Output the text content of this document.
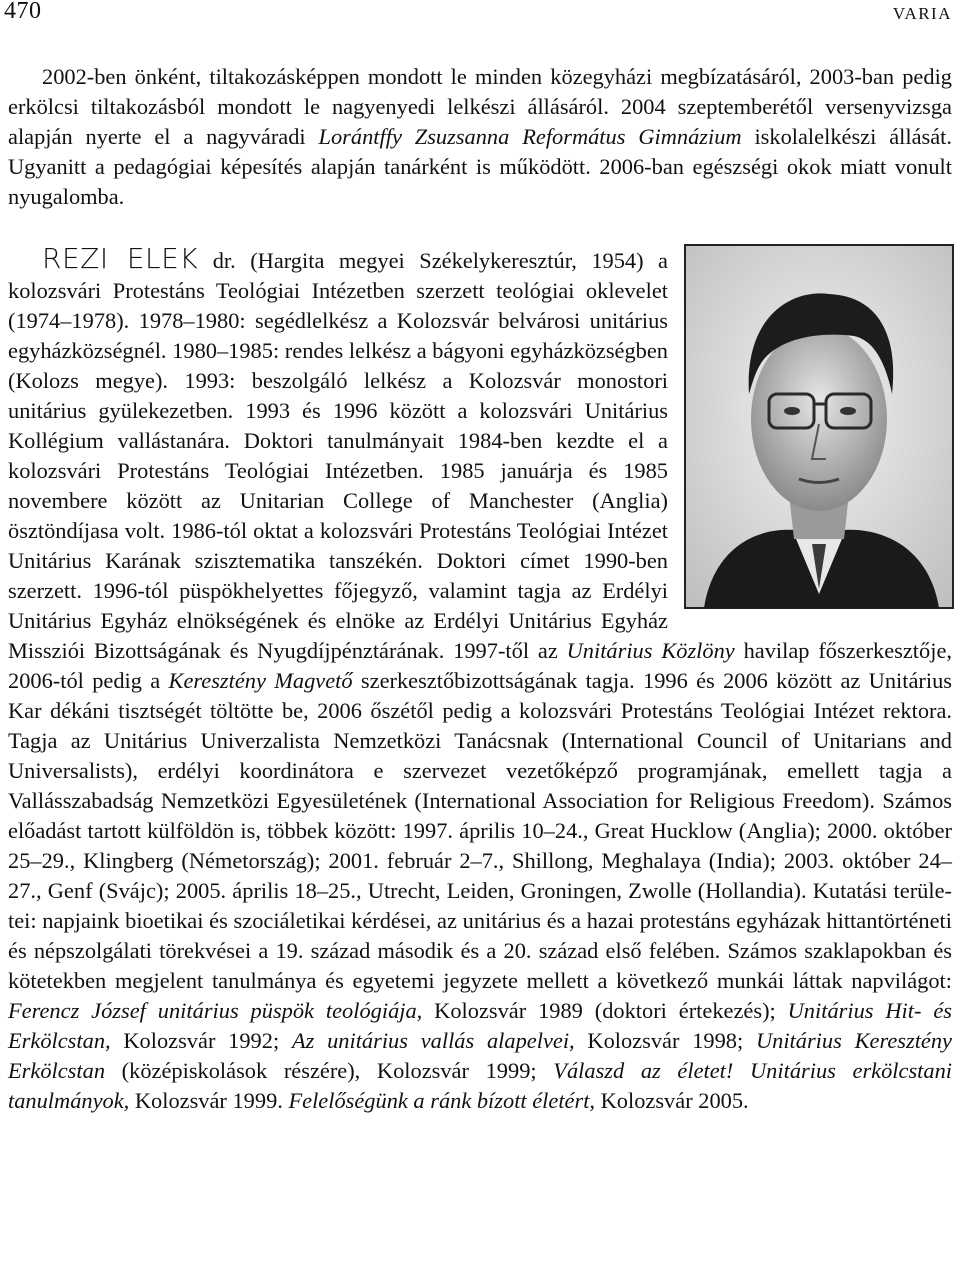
470	VARIA

2002-ben önként, tiltakozásképpen mondott le minden közegyházi megbízatásáról, 2003-ban pedig erkölcsi tiltakozásból mondott le nagyenyedi lelkészi állásáról. 2004 szeptemberétől versenyvizsga alapján nyerte el a nagyváradi Lorántffy Zsuzsanna Református Gimnázium iskolalelkészi állását. Ugyanitt a pedagógiai képesítés alapján tanárként is működött. 2006-ban egészségi okok miatt vonult nyugalomba.

REZI ELEK dr. (Hargita megyei Székelykeresztúr, 1954) a kolozsvári Protestáns Teológiai Intézetben szerzett teológiai oklevelet (1974–1978). 1978–1980: segédlelkész a Kolozsvár belvárosi unitárius egyházközségnél. 1980–1985: rendes lelkész a bágyoni egyházközségben (Kolozs megye). 1993: beszolgáló lelkész a Kolozsvár monostori unitárius gyülekezetben. 1993 és 1996 között a kolozsvári Unitárius Kollégium vallástanára. Doktori tanulmányait 1984-ben kezdte el a kolozsvári Protestáns Teológiai Intézetben. 1985 januárja és 1985 novembere között az Unitarian College of Manchester (Anglia) ösztöndíjasa volt. 1986-tól oktat a kolozsvári Protestáns Teológiai Intézet Unitárius Karának szisztematika tanszékén. Doktori címet 1990-ben szerzett. 1996-tól püspökhelyettes főjegyző, valamint tagja az Erdélyi Unitárius Egyház elnökségének és elnöke az Erdélyi Unitárius Egyház Missziói Bizottságának és Nyugdíjpénztárának. 1997-től az Unitárius Közlöny havilap főszerkesztője, 2006-tól pedig a Keresztény Magvető szerkesztőbizottságának tagja. 1996 és 2006 között az Unitárius Kar dékáni tisztségét töltötte be, 2006 őszétől pedig a kolozsvári Protestáns Teológiai Intézet rektora. Tagja az Unitárius Univerzalista Nemzetközi Tanácsnak (International Council of Unitarians and Universalists), erdélyi koordinátora e szervezet vezetőképző programjának, emellett tagja a Vallásszabadság Nemzetközi Egyesületének (International Association for Religious Freedom). Számos előadást tartott külföldön is, többek között: 1997. április 10–24., Great Hucklow (Anglia); 2000. október 25–29., Klingberg (Németország); 2001. február 2–7., Shillong, Meghalaya (India); 2003. október 24–27., Genf (Svájc); 2005. április 18–25., Utrecht, Leiden, Groningen, Zwolle (Hollandia). Kutatási területei: napjaink bioetikai és szociáletikai kérdései, az unitárius és a hazai protestáns egyházak hittantörténeti és népszolgálati törekvései a 19. század második és a 20. század első felében. Számos szaklapokban és kötetekben megjelent tanulmánya és egyetemi jegyzete mellett a következő munkái láttak napvilágot: Ferencz József unitárius püspök teológiája, Kolozsvár 1989 (doktori értekezés); Unitárius Hit- és Erkölcstan, Kolozsvár 1992; Az unitárius vallás alapelvei, Kolozsvár 1998; Unitárius Keresztény Erkölcstan (középiskolások részére), Kolozsvár 1999; Válaszd az életet! Unitárius erkölcstani tanulmányok, Kolozsvár 1999. Felelőségünk a ránk bízott életért, Kolozsvár 2005.
